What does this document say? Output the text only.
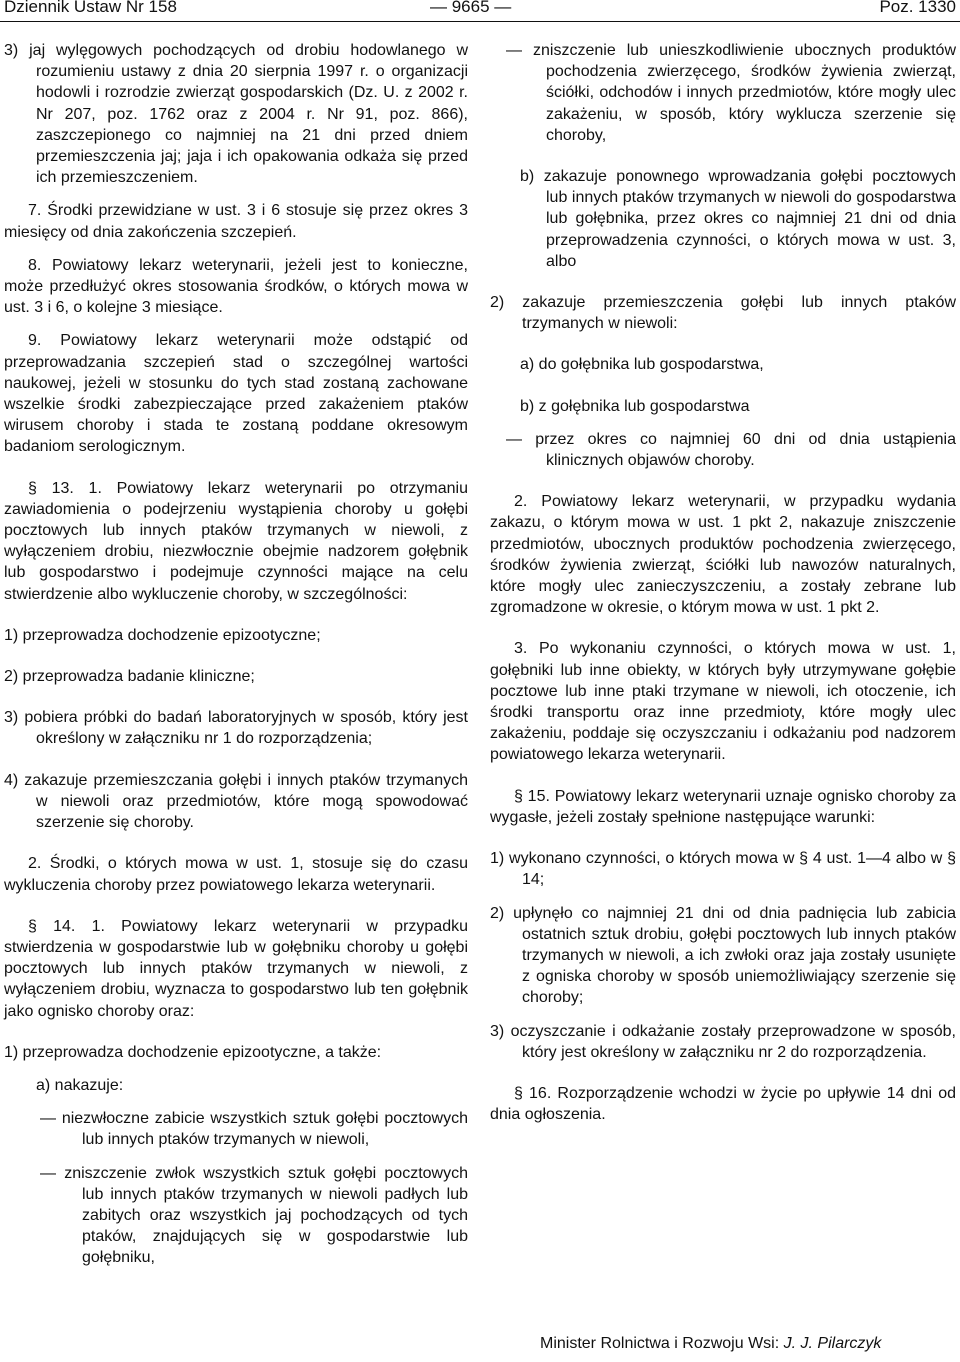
Dziennik Ustaw Nr 158	— 9665 —	Poz. 1330

3) jaj wylęgowych pochodzących od drobiu hodowlanego w rozumieniu ustawy z dnia 20 sierpnia 1997 r. o organizacji hodowli i rozrodzie zwierząt gospodarskich (Dz. U. z 2002 r. Nr 207, poz. 1762 oraz z 2004 r. Nr 91, poz. 866), zaszczepionego co najmniej na 21 dni przed dniem przemieszczenia jaj; jaja i ich opakowania odkaża się przed ich przemieszczeniem.

7. Środki przewidziane w ust. 3 i 6 stosuje się przez okres 3 miesięcy od dnia zakończenia szczepień.

8. Powiatowy lekarz weterynarii, jeżeli jest to konieczne, może przedłużyć okres stosowania środków, o których mowa w ust. 3 i 6, o kolejne 3 miesiące.

9. Powiatowy lekarz weterynarii może odstąpić od przeprowadzania szczepień stad o szczególnej wartości naukowej, jeżeli w stosunku do tych stad zostaną zachowane wszelkie środki zabezpieczające przed zakażeniem ptaków wirusem choroby i stada te zostaną poddane okresowym badaniom serologicznym.

§ 13. 1. Powiatowy lekarz weterynarii po otrzymaniu zawiadomienia o podejrzeniu wystąpienia choroby u gołębi pocztowych lub innych ptaków trzymanych w niewoli, z wyłączeniem drobiu, niezwłocznie obejmie nadzorem gołębnik lub gospodarstwo i podejmuje czynności mające na celu stwierdzenie albo wykluczenie choroby, w szczególności:

1) przeprowadza dochodzenie epizootyczne;

2) przeprowadza badanie kliniczne;

3) pobiera próbki do badań laboratoryjnych w sposób, który jest określony w załączniku nr 1 do rozporządzenia;

4) zakazuje przemieszczania gołębi i innych ptaków trzymanych w niewoli oraz przedmiotów, które mogą spowodować szerzenie się choroby.

2. Środki, o których mowa w ust. 1, stosuje się do czasu wykluczenia choroby przez powiatowego lekarza weterynarii.

§ 14. 1. Powiatowy lekarz weterynarii w przypadku stwierdzenia w gospodarstwie lub w gołębniku choroby u gołębi pocztowych lub innych ptaków trzymanych w niewoli, z wyłączeniem drobiu, wyznacza to gospodarstwo lub ten gołębnik jako ognisko choroby oraz:

1) przeprowadza dochodzenie epizootyczne, a także:

a) nakazuje:

— niezwłoczne zabicie wszystkich sztuk gołębi pocztowych lub innych ptaków trzymanych w niewoli,

— zniszczenie zwłok wszystkich sztuk gołębi pocztowych lub innych ptaków trzymanych w niewoli padłych lub zabitych oraz wszystkich jaj pochodzących od tych ptaków, znajdujących się w gospodarstwie lub gołębniku,

— zniszczenie lub unieszkodliwienie ubocznych produktów pochodzenia zwierzęcego, środków żywienia zwierząt, ściółki, odchodów i innych przedmiotów, które mogły ulec zakażeniu, w sposób, który wyklucza szerzenie się choroby,

b) zakazuje ponownego wprowadzania gołębi pocztowych lub innych ptaków trzymanych w niewoli do gospodarstwa lub gołębnika, przez okres co najmniej 21 dni od dnia przeprowadzenia czynności, o których mowa w ust. 3, albo

2) zakazuje przemieszczenia gołębi lub innych ptaków trzymanych w niewoli:

a) do gołębnika lub gospodarstwa,

b) z gołębnika lub gospodarstwa

— przez okres co najmniej 60 dni od dnia ustąpienia klinicznych objawów choroby.

2. Powiatowy lekarz weterynarii, w przypadku wydania zakazu, o którym mowa w ust. 1 pkt 2, nakazuje zniszczenie przedmiotów, ubocznych produktów pochodzenia zwierzęcego, środków żywienia zwierząt, ściółki lub nawozów naturalnych, które mogły ulec zanieczyszczeniu, a zostały zebrane lub zgromadzone w okresie, o którym mowa w ust. 1 pkt 2.

3. Po wykonaniu czynności, o których mowa w ust. 1, gołębniki lub inne obiekty, w których były utrzymywane gołębie pocztowe lub inne ptaki trzymane w niewoli, ich otoczenie, ich środki transportu oraz inne przedmioty, które mogły ulec zakażeniu, poddaje się oczyszczaniu i odkażaniu pod nadzorem powiatowego lekarza weterynarii.

§ 15. Powiatowy lekarz weterynarii uznaje ognisko choroby za wygasłe, jeżeli zostały spełnione następujące warunki:

1) wykonano czynności, o których mowa w § 4 ust. 1—4 albo w § 14;

2) upłynęło co najmniej 21 dni od dnia padnięcia lub zabicia ostatnich sztuk drobiu, gołębi pocztowych lub innych ptaków trzymanych w niewoli, a ich zwłoki oraz jaja zostały usunięte z ogniska choroby w sposób uniemożliwiający szerzenie się choroby;

3) oczyszczanie i odkażanie zostały przeprowadzone w sposób, który jest określony w załączniku nr 2 do rozporządzenia.

§ 16. Rozporządzenie wchodzi w życie po upływie 14 dni od dnia ogłoszenia.

Minister Rolnictwa i Rozwoju Wsi: J. J. Pilarczyk
